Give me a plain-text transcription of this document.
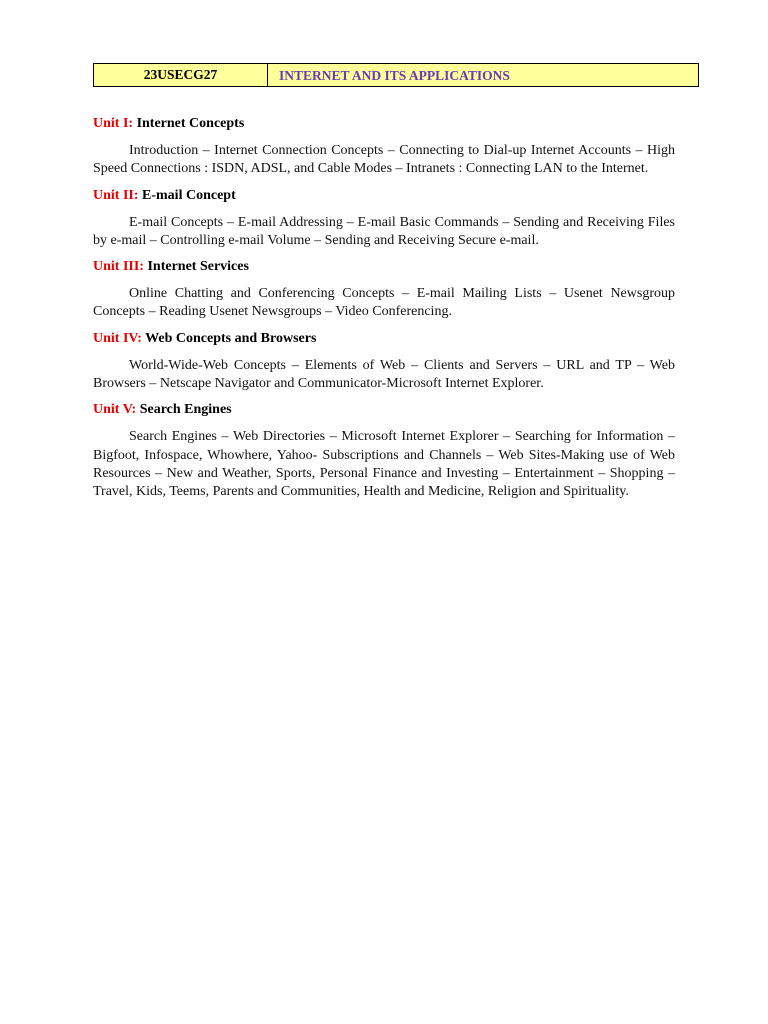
23USECG27	INTERNET AND ITS APPLICATIONS
Unit I: Internet Concepts

Introduction – Internet Connection Concepts – Connecting to Dial-up Internet Accounts – High Speed Connections : ISDN, ADSL, and Cable Modes – Intranets : Connecting LAN to the Internet.

Unit II: E-mail Concept

E-mail Concepts – E-mail Addressing – E-mail Basic Commands – Sending and Receiving Files by e-mail – Controlling e-mail Volume – Sending and Receiving Secure e-mail.

Unit III: Internet Services

Online Chatting and Conferencing Concepts – E-mail Mailing Lists – Usenet Newsgroup Concepts – Reading Usenet Newsgroups – Video Conferencing.

Unit IV: Web Concepts and Browsers

World-Wide-Web Concepts – Elements of Web – Clients and Servers – URL and TP – Web Browsers – Netscape Navigator and Communicator-Microsoft Internet Explorer.

Unit V: Search Engines

Search Engines – Web Directories – Microsoft Internet Explorer – Searching for Information – Bigfoot, Infospace, Whowhere, Yahoo- Subscriptions and Channels – Web Sites-Making use of Web Resources – New and Weather, Sports, Personal Finance and Investing – Entertainment – Shopping – Travel, Kids, Teems, Parents and Communities, Health and Medicine, Religion and Spirituality.
